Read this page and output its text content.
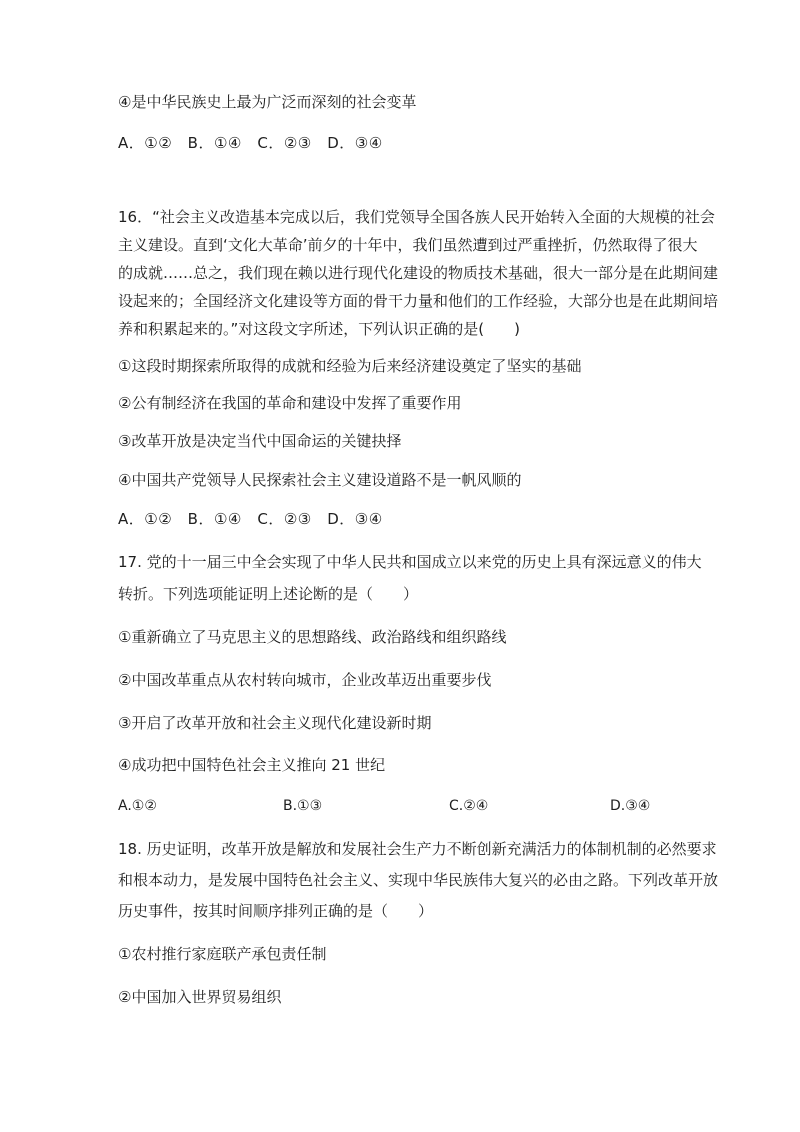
④是中华民族史上最为广泛而深刻的社会变革
A．①②　B．①④　C．②③　D．③④
16．“社会主义改造基本完成以后，我们党领导全国各族人民开始转入全面的大规模的社会
主义建设。直到‘文化大革命’前夕的十年中，我们虽然遭到过严重挫折，仍然取得了很大
的成就……总之，我们现在赖以进行现代化建设的物质技术基础，很大一部分是在此期间建
设起来的；全国经济文化建设等方面的骨干力量和他们的工作经验，大部分也是在此期间培
养和积累起来的。”对这段文字所述，下列认识正确的是(　　)
①这段时期探索所取得的成就和经验为后来经济建设奠定了坚实的基础
②公有制经济在我国的革命和建设中发挥了重要作用
③改革开放是决定当代中国命运的关键抉择
④中国共产党领导人民探索社会主义建设道路不是一帆风顺的
A．①②　B．①④　C．②③　D．③④
17. 党的十一届三中全会实现了中华人民共和国成立以来党的历史上具有深远意义的伟大
转折。下列选项能证明上述论断的是（　　）
①重新确立了马克思主义的思想路线、政治路线和组织路线
②中国改革重点从农村转向城市，企业改革迈出重要步伐
③开启了改革开放和社会主义现代化建设新时期
④成功把中国特色社会主义推向 21 世纪
A.①②	B.①③	C.②④	D.③④
18. 历史证明，改革开放是解放和发展社会生产力不断创新充满活力的体制机制的必然要求
和根本动力，是发展中国特色社会主义、实现中华民族伟大复兴的必由之路。下列改革开放
历史事件，按其时间顺序排列正确的是（　　）
①农村推行家庭联产承包责任制
②中国加入世界贸易组织
